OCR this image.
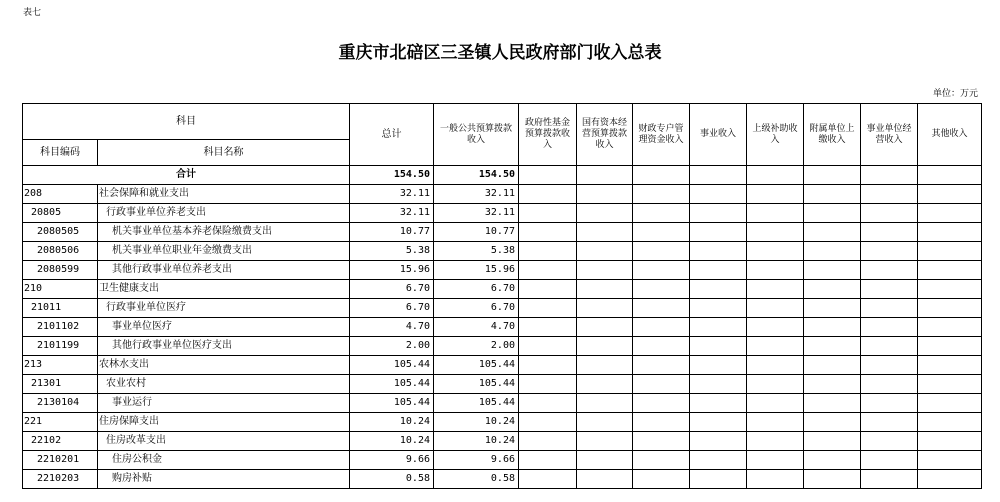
表七
重庆市北碚区三圣镇人民政府部门收入总表
单位：万元
科目		总计	一般公共预算拨款收入	政府性基金预算拨款收入	国有资本经营预算拨款收入	财政专户管理资金收入	事业收入	上级补助收入	附属单位上缴收入	事业单位经营收入	其他收入
科目编码	科目名称										
合计		154.50	154.50								
208	社会保障和就业支出	32.11	32.11								
20805	行政事业单位养老支出	32.11	32.11								
2080505	机关事业单位基本养老保险缴费支出	10.77	10.77								
2080506	机关事业单位职业年金缴费支出	5.38	5.38								
2080599	其他行政事业单位养老支出	15.96	15.96								
210	卫生健康支出	6.70	6.70								
21011	行政事业单位医疗	6.70	6.70								
2101102	事业单位医疗	4.70	4.70								
2101199	其他行政事业单位医疗支出	2.00	2.00								
213	农林水支出	105.44	105.44								
21301	农业农村	105.44	105.44								
2130104	事业运行	105.44	105.44								
221	住房保障支出	10.24	10.24								
22102	住房改革支出	10.24	10.24								
2210201	住房公积金	9.66	9.66								
2210203	购房补贴	0.58	0.58								
